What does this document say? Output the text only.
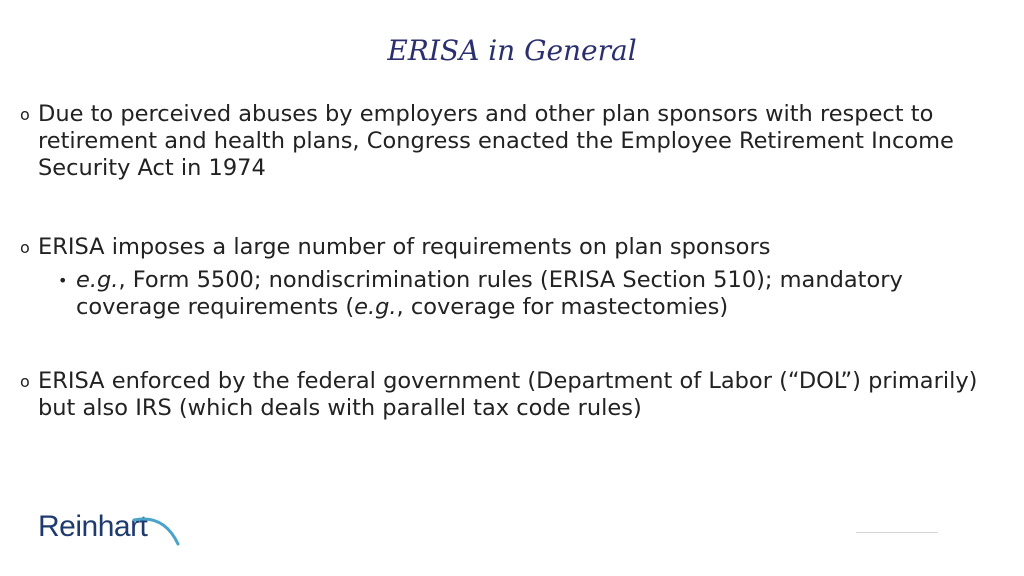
ERISA in General
o Due to perceived abuses by employers and other plan sponsors with respect to retirement and health plans, Congress enacted the Employee Retirement Income Security Act in 1974
o ERISA imposes a large number of requirements on plan sponsors
• e.g., Form 5500; nondiscrimination rules (ERISA Section 510); mandatory coverage requirements (e.g., coverage for mastectomies)
o ERISA enforced by the federal government (Department of Labor (“DOL”) primarily) but also IRS (which deals with parallel tax code rules)
Reinhart
